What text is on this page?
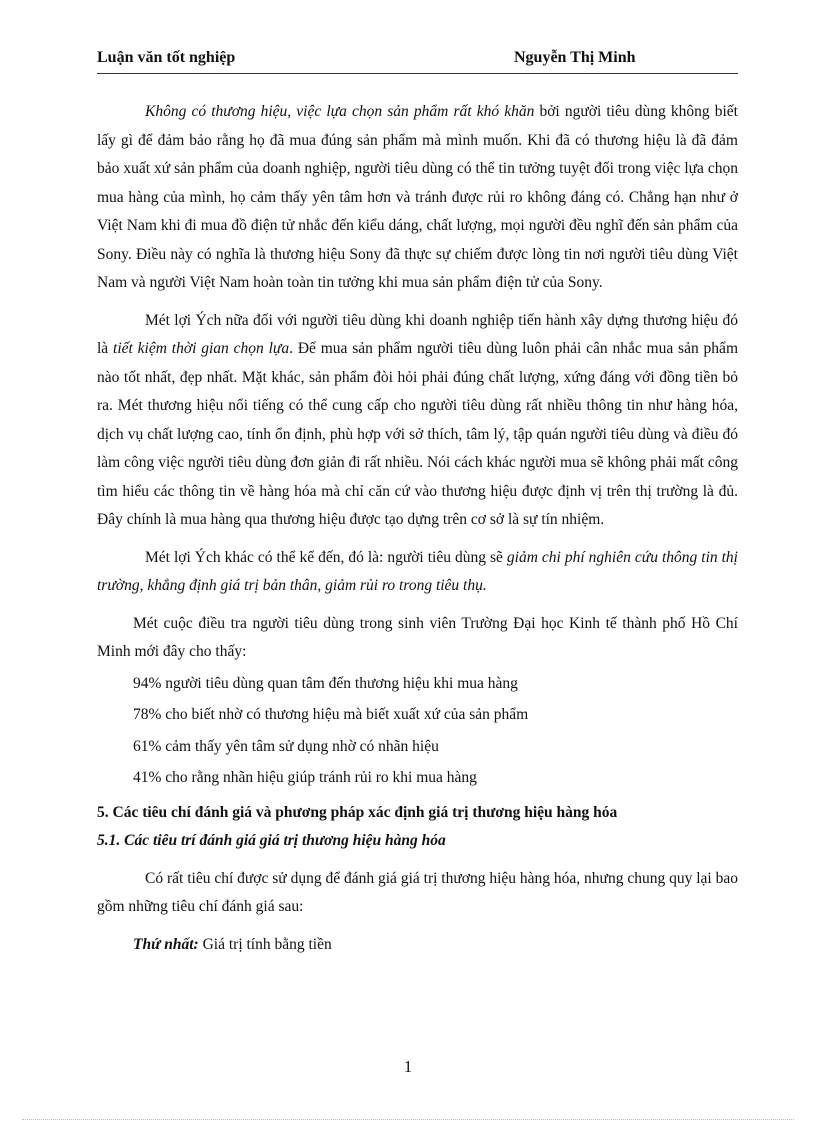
Luận văn tốt nghiệp	Nguyễn Thị Minh

Không có thương hiệu, việc lựa chọn sản phẩm rất khó khăn bởi người tiêu dùng không biết lấy gì để đảm bảo rằng họ đã mua đúng sản phẩm mà mình muốn. Khi đã có thương hiệu là đã đảm bảo xuất xứ sản phẩm của doanh nghiệp, người tiêu dùng có thể tin tưởng tuyệt đối trong việc lựa chọn mua hàng của mình, họ cảm thấy yên tâm hơn và tránh được rủi ro không đáng có. Chẳng hạn như ở Việt Nam khi đi mua đồ điện tử nhắc đến kiểu dáng, chất lượng, mọi người đều nghĩ đến sản phẩm của Sony. Điều này có nghĩa là thương hiệu Sony đã thực sự chiếm được lòng tin nơi người tiêu dùng Việt Nam và người Việt Nam hoàn toàn tin tưởng khi mua sản phẩm điện tử của Sony.

Mét lợi Ých nữa đối với người tiêu dùng khi doanh nghiệp tiến hành xây dựng thương hiệu đó là tiết kiệm thời gian chọn lựa. Để mua sản phẩm người tiêu dùng luôn phải cân nhắc mua sản phẩm nào tốt nhất, đẹp nhất. Mặt khác, sản phẩm đòi hỏi phải đúng chất lượng, xứng đáng với đồng tiền bỏ ra. Mét thương hiệu nổi tiếng có thể cung cấp cho người tiêu dùng rất nhiều thông tin như hàng hóa, dịch vụ chất lượng cao, tính ổn định, phù hợp với sở thích, tâm lý, tập quán người tiêu dùng và điều đó làm công việc người tiêu dùng đơn giản đi rất nhiều. Nói cách khác người mua sẽ không phải mất công tìm hiểu các thông tin về hàng hóa mà chỉ căn cứ vào thương hiệu được định vị trên thị trường là đủ. Đây chính là mua hàng qua thương hiệu được tạo dựng trên cơ sở là sự tín nhiệm.

Mét lợi Ých khác có thể kể đến, đó là: người tiêu dùng sẽ giảm chi phí nghiên cứu thông tin thị trường, khẳng định giá trị bản thân, giảm rủi ro trong tiêu thụ.

Mét cuộc điều tra người tiêu dùng trong sinh viên Trường Đại học Kinh tế thành phố Hồ Chí Minh mới đây cho thấy:

94% người tiêu dùng quan tâm đến thương hiệu khi mua hàng

78% cho biết nhờ có thương hiệu mà biết xuất xứ của sản phẩm

61% cảm thấy yên tâm sử dụng nhờ có nhãn hiệu

41% cho rằng nhãn hiệu giúp tránh rủi ro khi mua hàng

5. Các tiêu chí đánh giá và phương pháp xác định giá trị thương hiệu hàng hóa

5.1. Các tiêu trí đánh giá giá trị thương hiệu hàng hóa

Có rất tiêu chí được sử dụng để đánh giá giá trị thương hiệu hàng hóa, nhưng chung quy lại bao gồm những tiêu chí đánh giá sau:

Thứ nhất: Giá trị tính bằng tiền

1
